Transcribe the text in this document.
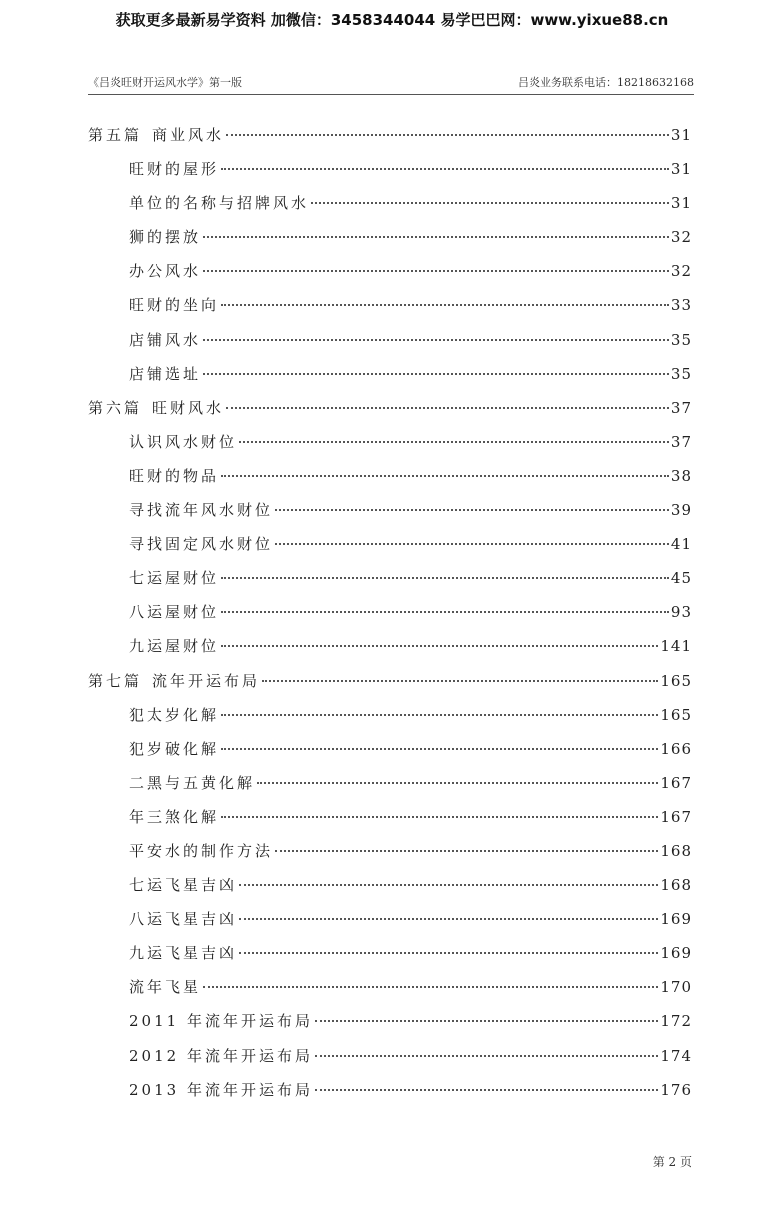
获取更多最新易学资料 加微信：3458344044 易学巴巴网：www.yixue88.cn
《吕炎旺财开运风水学》第一版	吕炎业务联系电话：18218632168
第五篇 商业风水	31
旺财的屋形	31
单位的名称与招牌风水	31
狮的摆放	32
办公风水	32
旺财的坐向	33
店铺风水	35
店铺选址	35
第六篇 旺财风水	37
认识风水财位	37
旺财的物品	38
寻找流年风水财位	39
寻找固定风水财位	41
七运屋财位	45
八运屋财位	93
九运屋财位	141
第七篇 流年开运布局	165
犯太岁化解	165
犯岁破化解	166
二黑与五黄化解	167
年三煞化解	167
平安水的制作方法	168
七运飞星吉凶	168
八运飞星吉凶	169
九运飞星吉凶	169
流年飞星	170
2011 年流年开运布局	172
2012 年流年开运布局	174
2013 年流年开运布局	176
第 2 页
